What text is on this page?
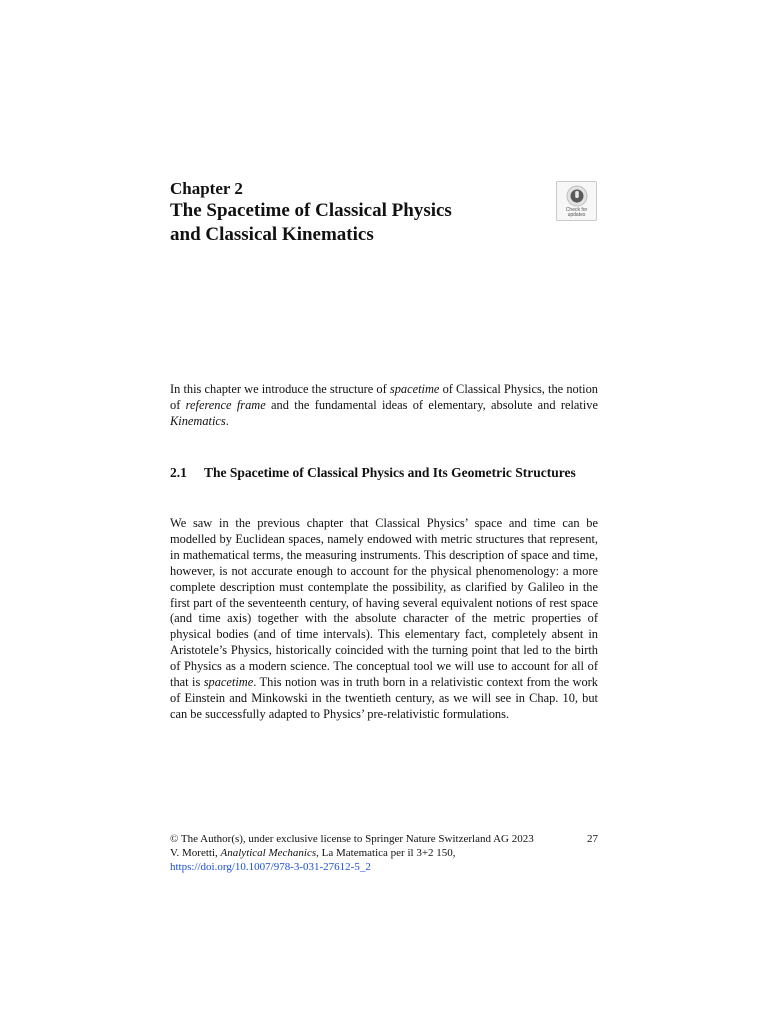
Chapter 2

The Spacetime of Classical Physics
and Classical Kinematics

Check for
updates

In this chapter we introduce the structure of spacetime of Classical Physics, the notion of reference frame and the fundamental ideas of elementary, absolute and relative Kinematics.

2.1 The Spacetime of Classical Physics and Its Geometric Structures

We saw in the previous chapter that Classical Physics’ space and time can be modelled by Euclidean spaces, namely endowed with metric structures that represent, in mathematical terms, the measuring instruments. This description of space and time, however, is not accurate enough to account for the physical phenomenology: a more complete description must contemplate the possibility, as clarified by Galileo in the first part of the seventeenth century, of having several equivalent notions of rest space (and time axis) together with the absolute character of the metric properties of physical bodies (and of time intervals). This elementary fact, completely absent in Aristotele’s Physics, historically coincided with the turning point that led to the birth of Physics as a modern science. The conceptual tool we will use to account for all of that is spacetime. This notion was in truth born in a relativistic context from the work of Einstein and Minkowski in the twentieth century, as we will see in Chap. 10, but can be successfully adapted to Physics’ pre-relativistic formulations.

27
© The Author(s), under exclusive license to Springer Nature Switzerland AG 2023
V. Moretti, Analytical Mechanics, La Matematica per il 3+2 150,
https://doi.org/10.1007/978-3-031-27612-5_2
